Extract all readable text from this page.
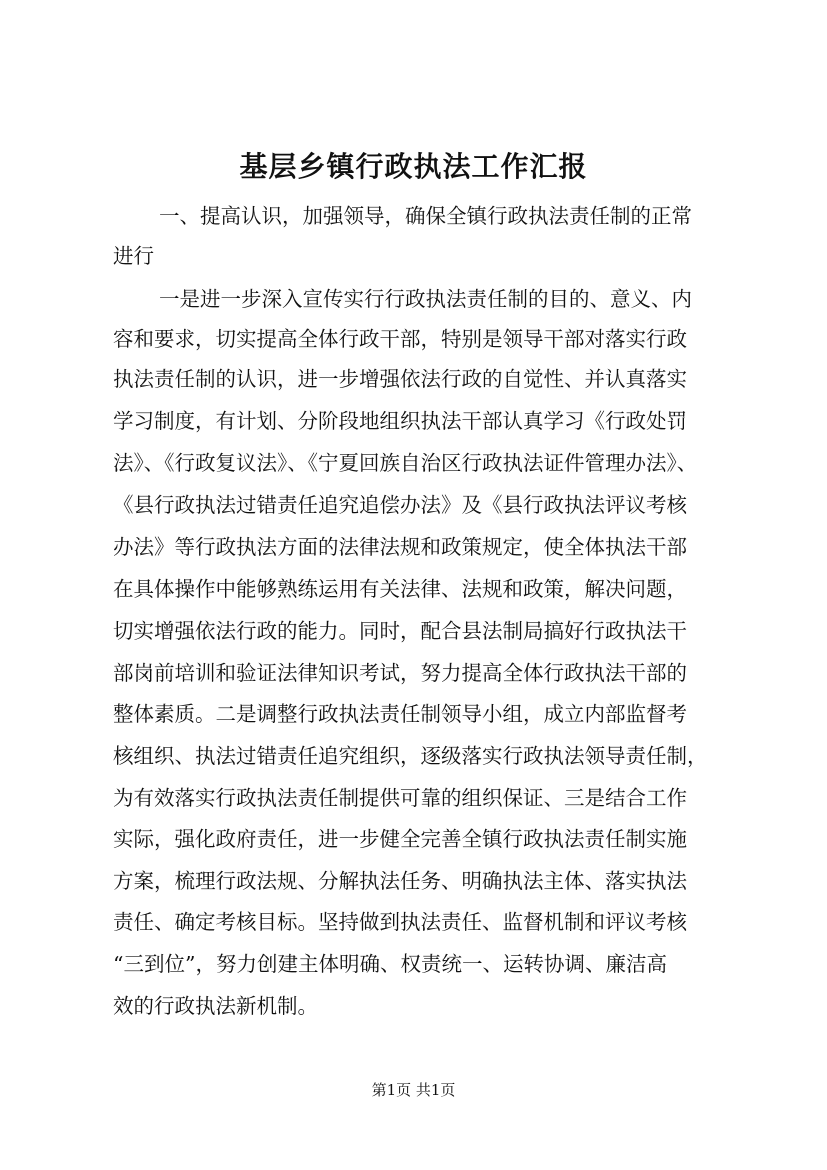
基层乡镇行政执法工作汇报

一、提高认识，加强领导，确保全镇行政执法责任制的正常

进行

一是进一步深入宣传实行行政执法责任制的目的、意义、内

容和要求，切实提高全体行政干部，特别是领导干部对落实行政

执法责任制的认识，进一步增强依法行政的自觉性、并认真落实

学习制度，有计划、分阶段地组织执法干部认真学习《行政处罚

法》、《行政复议法》、《宁夏回族自治区行政执法证件管理办法》、

《县行政执法过错责任追究追偿办法》及《县行政执法评议考核

办法》等行政执法方面的法律法规和政策规定，使全体执法干部

在具体操作中能够熟练运用有关法律、法规和政策，解决问题，

切实增强依法行政的能力。同时，配合县法制局搞好行政执法干

部岗前培训和验证法律知识考试，努力提高全体行政执法干部的

整体素质。二是调整行政执法责任制领导小组，成立内部监督考

核组织、执法过错责任追究组织，逐级落实行政执法领导责任制，

为有效落实行政执法责任制提供可靠的组织保证、三是结合工作

实际，强化政府责任，进一步健全完善全镇行政执法责任制实施

方案，梳理行政法规、分解执法任务、明确执法主体、落实执法

责任、确定考核目标。坚持做到执法责任、监督机制和评议考核

“三到位”，努力创建主体明确、权责统一、运转协调、廉洁高

效的行政执法新机制。

第1页 共1页
